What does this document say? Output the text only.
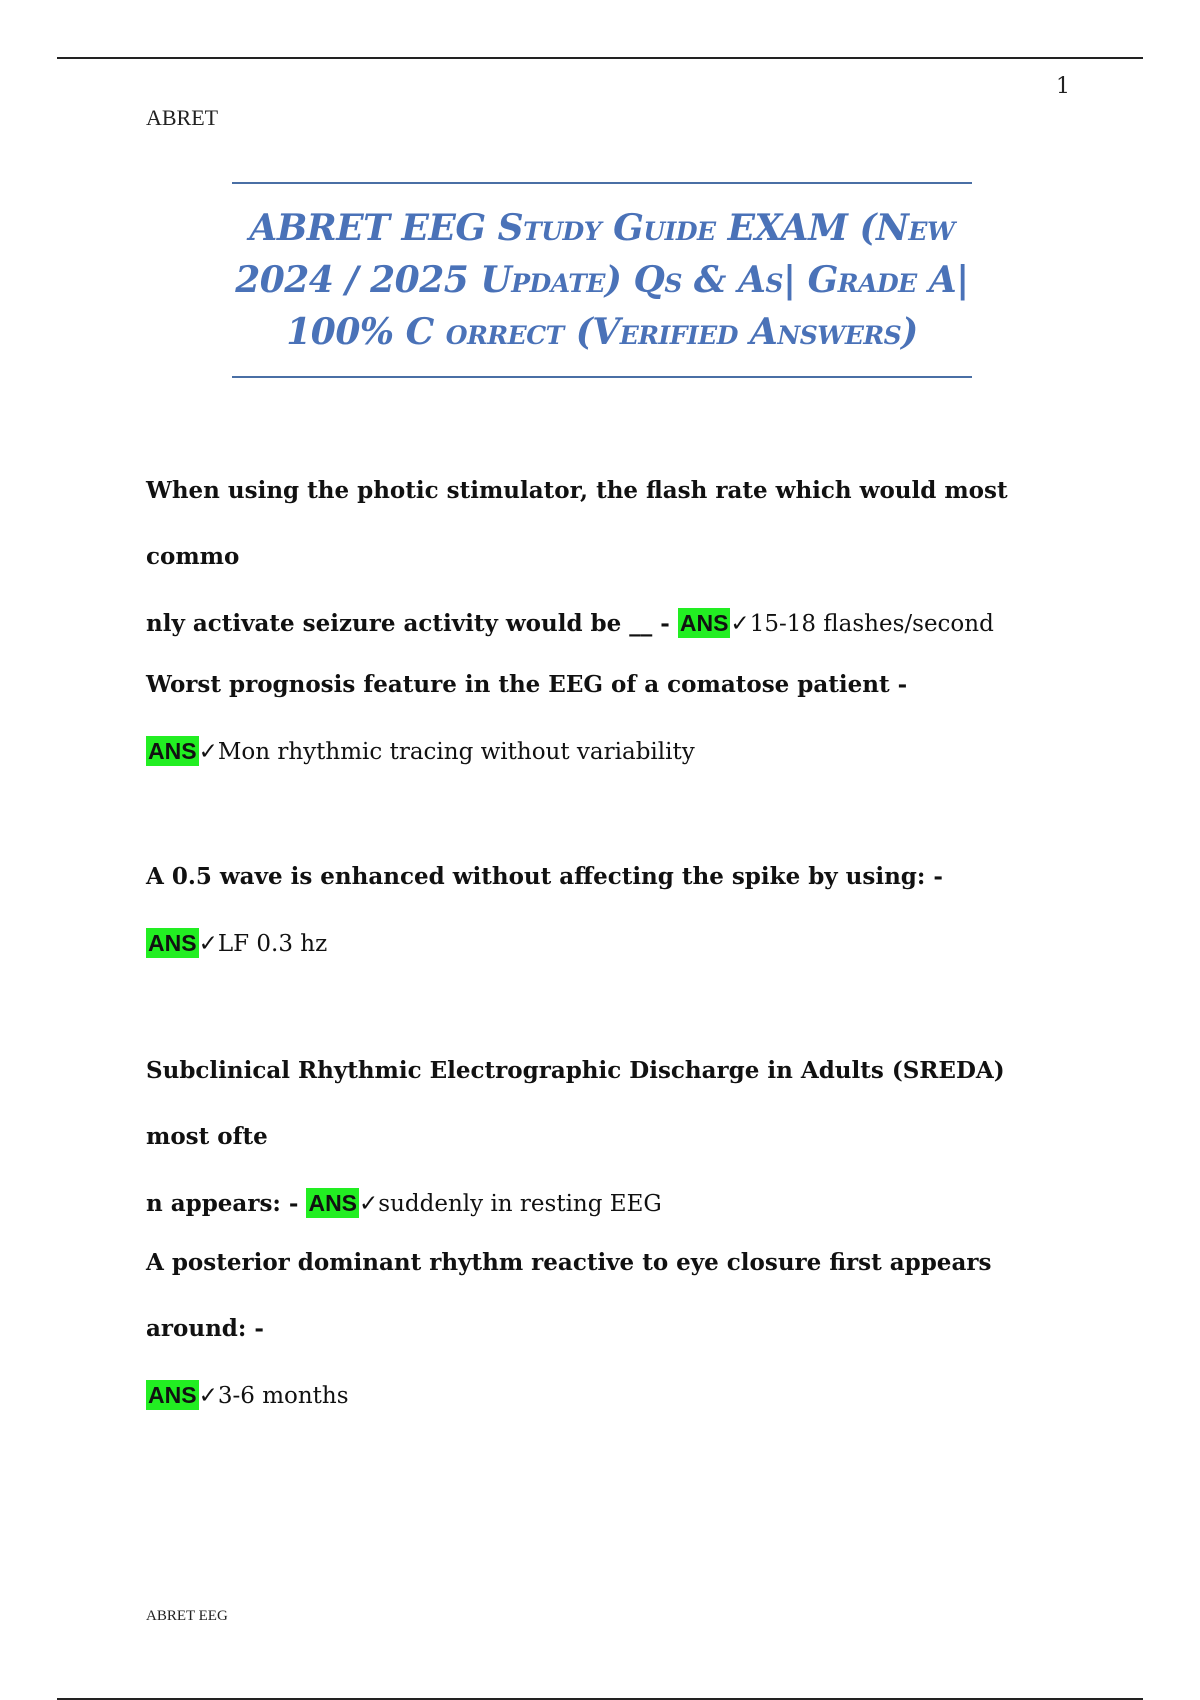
1
ABRET
ABRET EEG Study Guide EXAM (New 2024 / 2025 Update) Qs & As| Grade A| 100% C orrect (Verified Answers)
When using the photic stimulator, the flash rate which would most commo
nly activate seizure activity would be __ - ANS✓15-18 flashes/second
Worst prognosis feature in the EEG of a comatose patient -
ANS✓Mon rhythmic tracing without variability
A 0.5 wave is enhanced without affecting the spike by using: -
ANS✓LF 0.3 hz
Subclinical Rhythmic Electrographic Discharge in Adults (SREDA) most ofte
n appears: - ANS✓suddenly in resting EEG
A posterior dominant rhythm reactive to eye closure first appears around: -
ANS✓3-6 months
ABRET EEG
